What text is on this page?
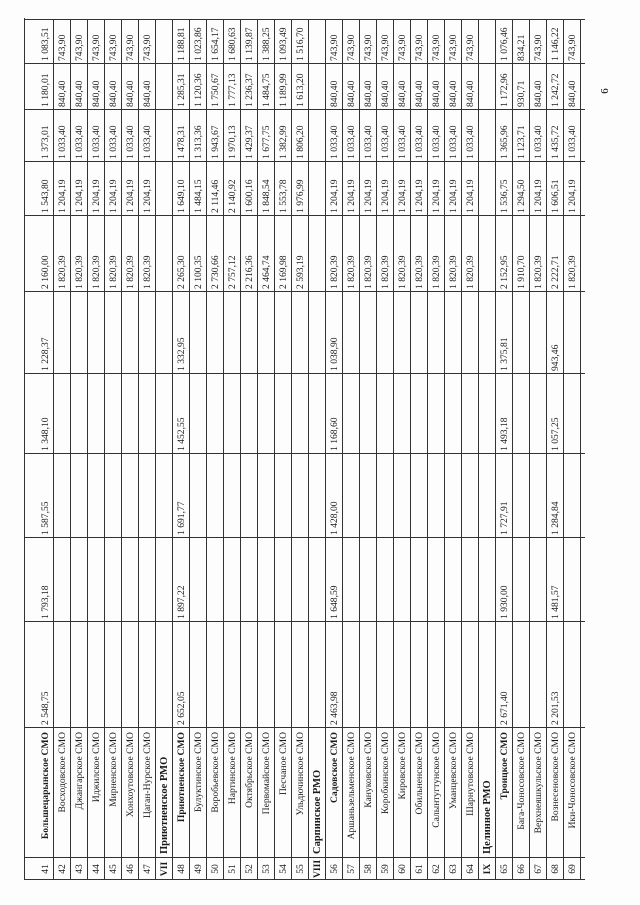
41
Большецарынское СМО
2 548,75
1 793,18
1 587,55
1 348,10
1 228,37
2 160,00
1 543,80
1 373,01
1 180,01
1 083,51
42
Восходовское СМО
1 820,39
1 204,19
1 033,40
840,40
743,90
43
Джангарское СМО
1 820,39
1 204,19
1 033,40
840,40
743,90
44
Иджилское СМО
1 820,39
1 204,19
1 033,40
840,40
743,90
45
Мирненское СМО
1 820,39
1 204,19
1 033,40
840,40
743,90
46
Хонхоутовское СМО
1 820,39
1 204,19
1 033,40
840,40
743,90
47
Цаган-Нурское СМО
1 820,39
1 204,19
1 033,40
840,40
743,90
VII
Приютненское РМО
48
Приютненское СМО
2 652,05
1 897,22
1 691,77
1 452,55
1 332,95
2 265,30
1 649,10
1 478,31
1 285,31
1 188,81
49
Булуктинское СМО
2 100,35
1 484,15
1 313,36
1 120,36
1 023,86
50
Воробьевское СМО
2 730,66
2 114,46
1 943,67
1 750,67
1 654,17
51
Нартинское СМО
2 757,12
2 140,92
1 970,13
1 777,13
1 680,63
52
Октябрьское СМО
2 216,36
1 600,16
1 429,37
1 236,37
1 139,87
53
Первомайское СМО
2 464,74
1 848,54
1 677,75
1 484,75
1 388,25
54
Песчаное СМО
2 169,98
1 553,78
1 382,99
1 189,99
1 093,49
55
Ульдючинское СМО
2 593,19
1 976,99
1 806,20
1 613,20
1 516,70
VIII
Сарпинское РМО
56
Садовское СМО
2 463,98
1 648,59
1 428,00
1 168,60
1 038,90
1 820,39
1 204,19
1 033,40
840,40
743,90
57
Аршаньзельменское СМО
1 820,39
1 204,19
1 033,40
840,40
743,90
58
Кануковское СМО
1 820,39
1 204,19
1 033,40
840,40
743,90
59
Коробкинское СМО
1 820,39
1 204,19
1 033,40
840,40
743,90
60
Кировское СМО
1 820,39
1 204,19
1 033,40
840,40
743,90
61
Обильненское СМО
1 820,39
1 204,19
1 033,40
840,40
743,90
62
Салынтугтунское СМО
1 820,39
1 204,19
1 033,40
840,40
743,90
63
Уманцевское СМО
1 820,39
1 204,19
1 033,40
840,40
743,90
64
Шарнутовское СМО
1 820,39
1 204,19
1 033,40
840,40
743,90
IX
Целинное РМО
65
Троицкое СМО
2 671,40
1 930,00
1 727,91
1 493,18
1 375,81
2 152,95
1 536,75
1 365,96
1 172,96
1 076,46
66
Бага-Чоносовское СМО
1 910,70
1 294,50
1 123,71
930,71
834,21
67
Верхнеяшкульское СМО
1 820,39
1 204,19
1 033,40
840,40
743,90
68
Вознесеновское СМО
2 201,53
1 481,57
1 284,84
1 057,25
943,46
2 222,71
1 606,51
1 435,72
1 242,72
1 146,22
69
Ики-Чоносовское СМО
1 820,39
1 204,19
1 033,40
840,40
743,90
6
